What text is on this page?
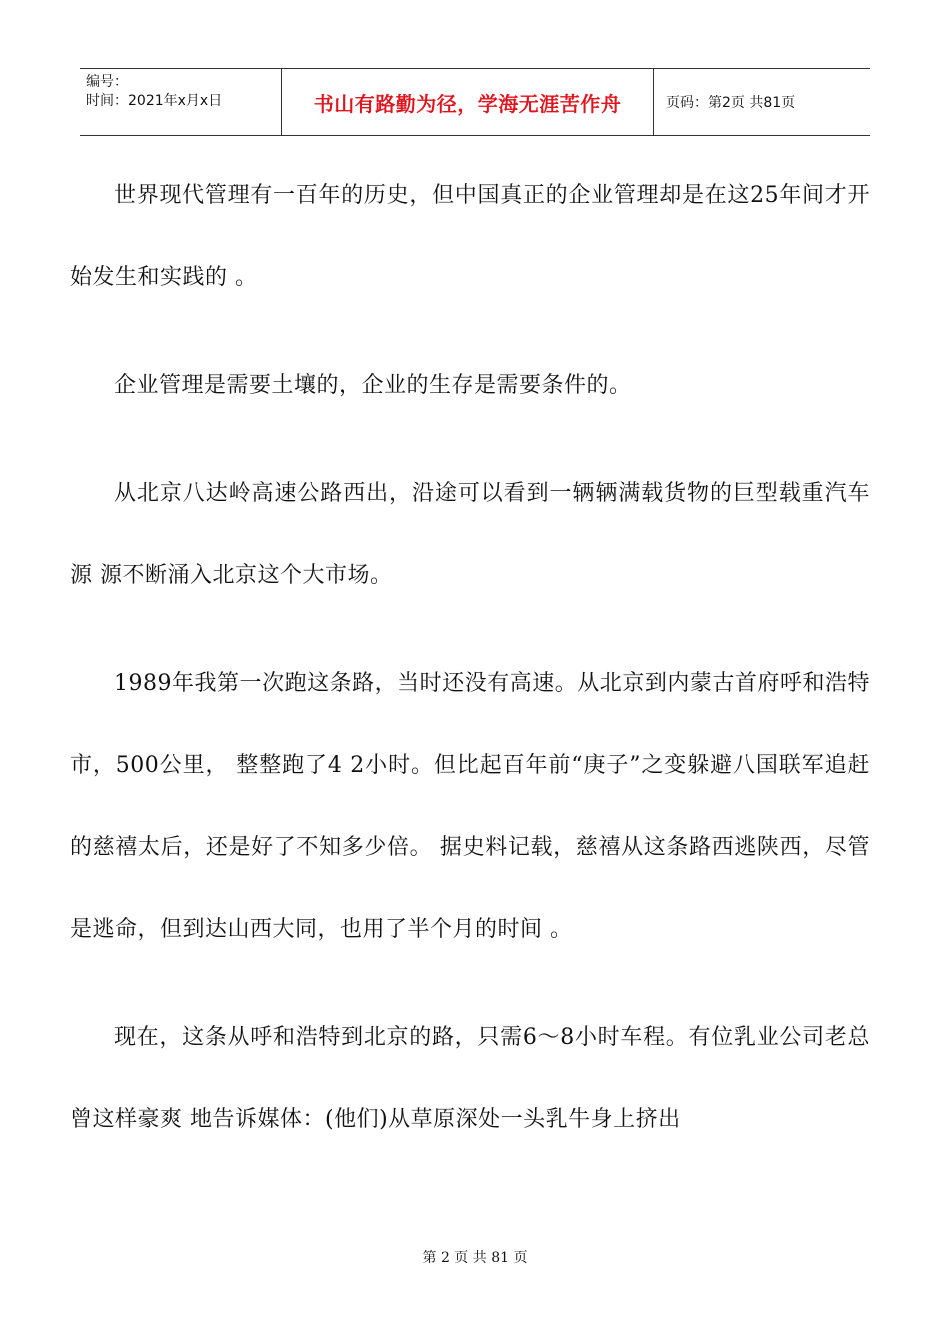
编号：
时间：2021年x月x日	书山有路勤为径，学海无涯苦作舟	页码：第2页 共81页

世界现代管理有一百年的历史，但中国真正的企业管理却是在这25年间才开始发生和实践的 。

企业管理是需要土壤的，企业的生存是需要条件的。

从北京八达岭高速公路西出，沿途可以看到一辆辆满载货物的巨型载重汽车源 源不断涌入北京这个大市场。

1989年我第一次跑这条路，当时还没有高速。从北京到内蒙古首府呼和浩特市，500公里， 整整跑了4 2小时。但比起百年前“庚子”之变躲避八国联军追赶的慈禧太后，还是好了不知多少倍。 据史料记载，慈禧从这条路西逃陕西，尽管是逃命，但到达山西大同，也用了半个月的时间 。

现在，这条从呼和浩特到北京的路，只需6～8小时车程。有位乳业公司老总曾这样豪爽 地告诉媒体：(他们)从草原深处一头乳牛身上挤出

第 2 页 共 81 页
